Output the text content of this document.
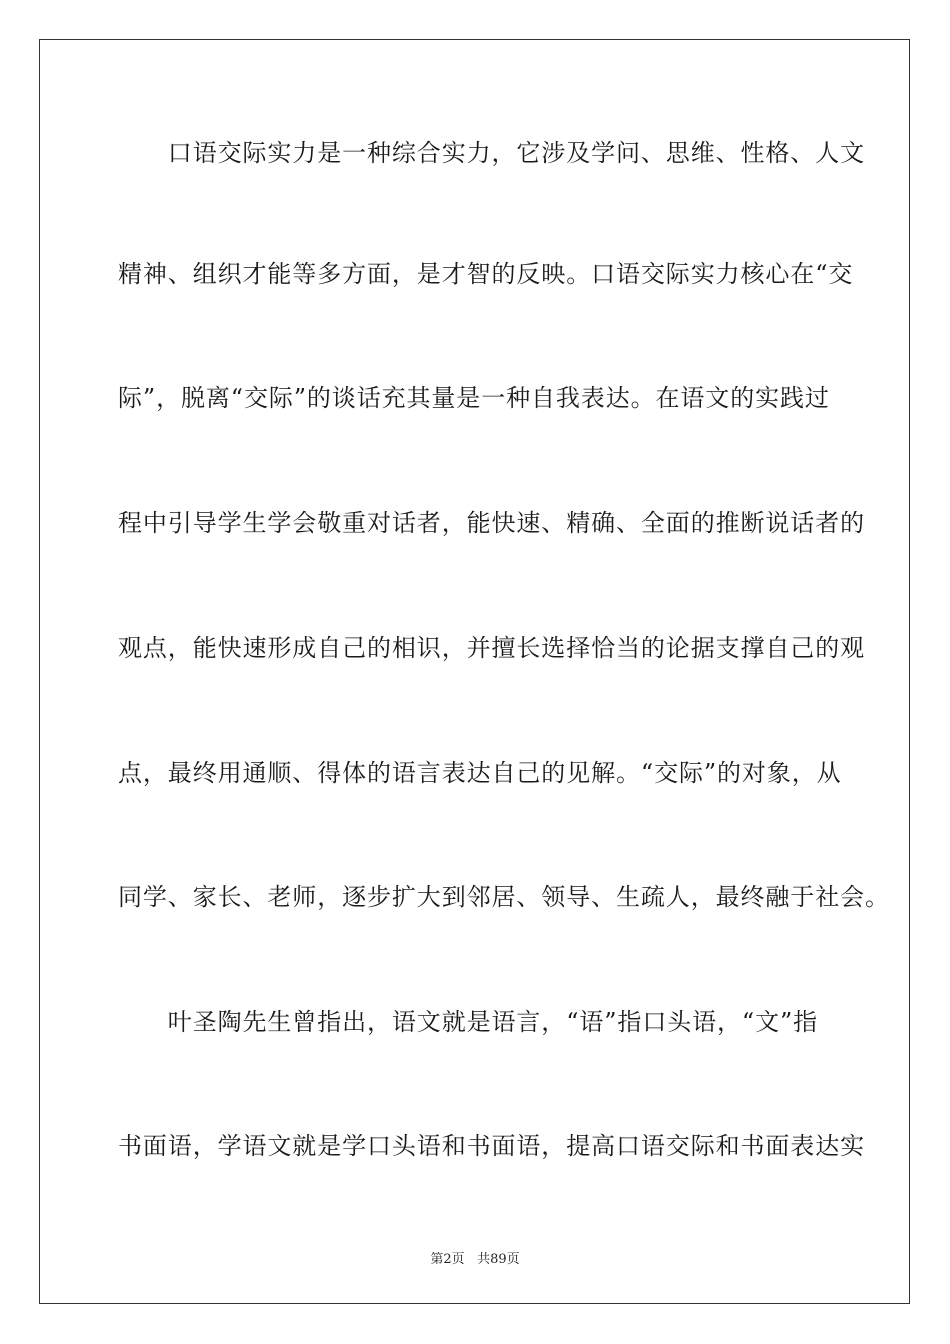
　　口语交际实力是一种综合实力，它涉及学问、思维、性格、人文
精神、组织才能等多方面，是才智的反映。口语交际实力核心在“交
际”，脱离“交际”的谈话充其量是一种自我表达。在语文的实践过
程中引导学生学会敬重对话者，能快速、精确、全面的推断说话者的
观点，能快速形成自己的相识，并擅长选择恰当的论据支撑自己的观
点，最终用通顺、得体的语言表达自己的见解。“交际”的对象，从
同学、家长、老师，逐步扩大到邻居、领导、生疏人，最终融于社会。
　　叶圣陶先生曾指出，语文就是语言，“语”指口头语，“文”指
书面语，学语文就是学口头语和书面语，提高口语交际和书面表达实
第2页 共89页
